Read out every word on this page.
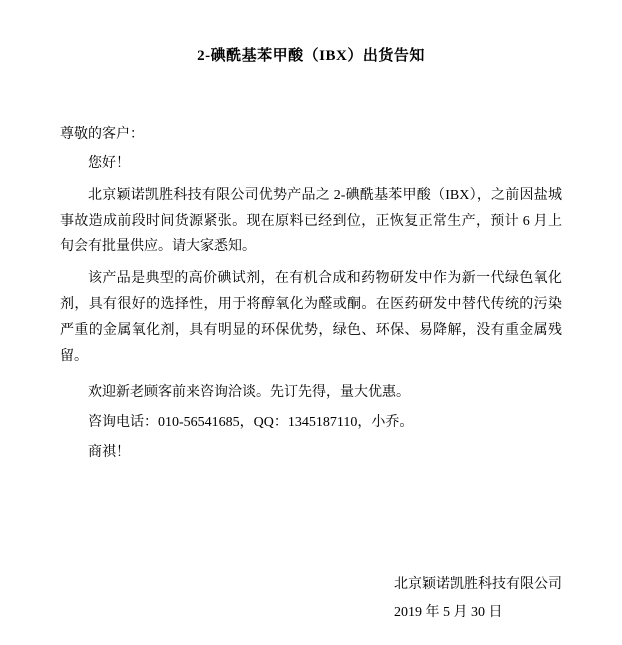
2-碘酰基苯甲酸（IBX）出货告知
尊敬的客户：

您好！

北京颖诺凯胜科技有限公司优势产品之 2-碘酰基苯甲酸（IBX），之前因盐城事故造成前段时间货源紧张。现在原料已经到位，正恢复正常生产，预计 6 月上旬会有批量供应。请大家悉知。

该产品是典型的高价碘试剂，在有机合成和药物研发中作为新一代绿色氧化剂，具有很好的选择性，用于将醇氧化为醛或酮。在医药研发中替代传统的污染严重的金属氧化剂，具有明显的环保优势，绿色、环保、易降解，没有重金属残留。

欢迎新老顾客前来咨询洽谈。先订先得，量大优惠。

咨询电话：010-56541685，QQ：1345187110，小乔。

商祺！

北京颖诺凯胜科技有限公司
2019 年 5 月 30 日
